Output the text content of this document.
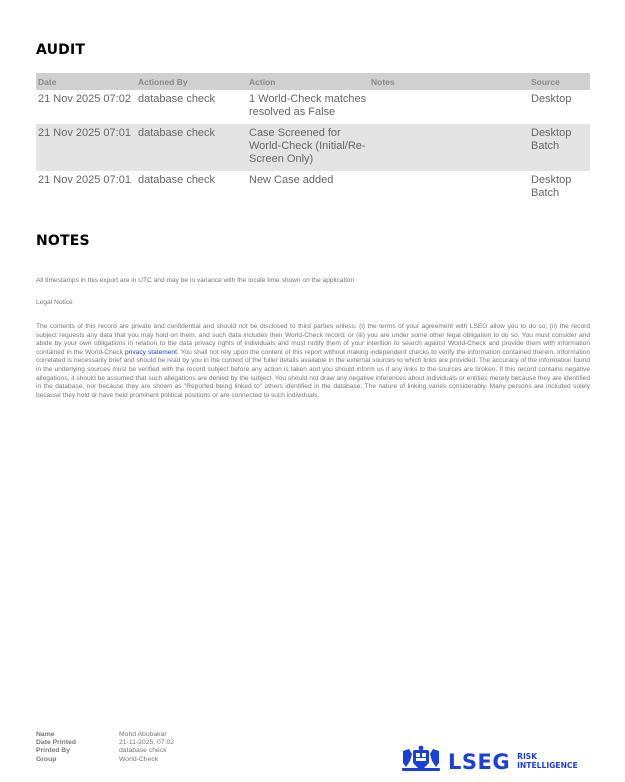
AUDIT
Date	Actioned By	Action	Notes	Source
21 Nov 2025 07:02	database check	1 World-Check matches resolved as False		Desktop
21 Nov 2025 07:01	database check	Case Screened for World-Check (Initial/Re-Screen Only)		Desktop Batch
21 Nov 2025 07:01	database check	New Case added		Desktop Batch
NOTES
All timestamps in this export are in UTC and may be in variance with the locale time shown on the application
Legal Notice
The contents of this record are private and confidential and should not be disclosed to third parties unless: (i) the terms of your agreement with LSEG allow you to do so; (ii) the record subject requests any data that you may hold on them, and such data includes their World-Check record; or (iii) you are under some other legal obligation to do so. You must consider and abide by your own obligations in relation to the data privacy rights of individuals and must notify them of your intention to search against World-Check and provide them with information contained in the World-Check privacy statement. You shall not rely upon the content of this report without making independent checks to verify the information contained therein. Information correlated is necessarily brief and should be read by you in the context of the fuller details available in the external sources to which links are provided. The accuracy of the information found in the underlying sources must be verified with the record subject before any action is taken and you should inform us if any links to the sources are broken. If this record contains negative allegations, it should be assumed that such allegations are denied by the subject. You should not draw any negative inferences about individuals or entities merely because they are identified in the database, nor because they are shown as "Reported being linked to" others identified in the database. The nature of linking varies considerably. Many persons are included solely because they hold or have held prominent political positions or are connected to such individuals.
Name	Mohd Abubakar
Date Printed	21-11-2025, 07:02
Printed By	database check
Group	World-Check	LSEG RISK
INTELLIGENCE
